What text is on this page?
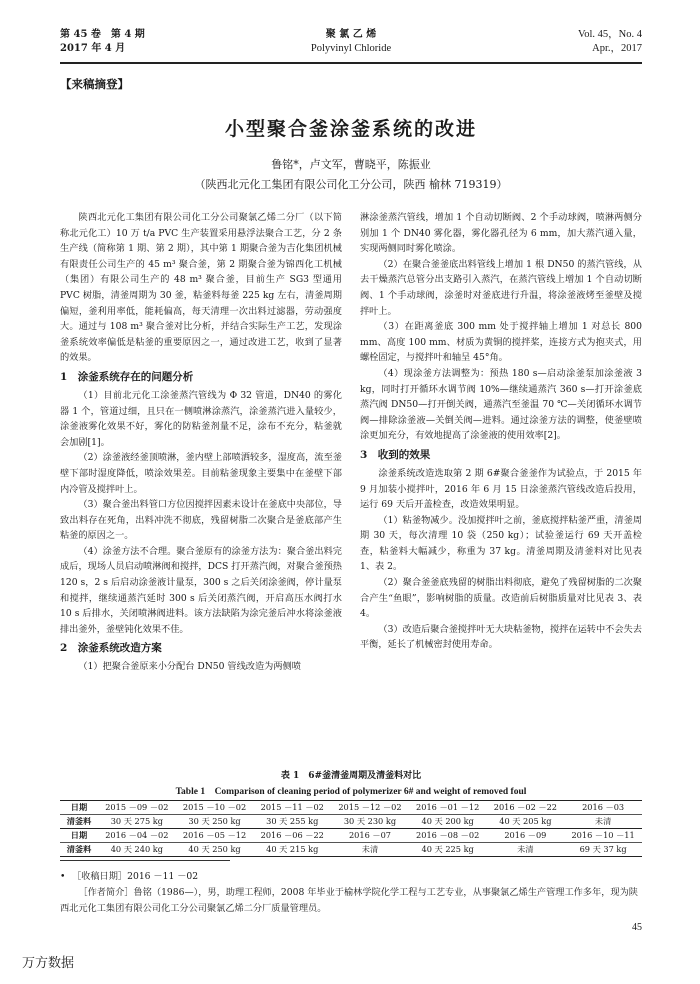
第 45 卷　第 4 期
2017 年 4 月
聚 氯 乙 烯
Polyvinyl Chloride
Vol. 45，No. 4
Apr.，2017
【来稿摘登】
小型聚合釜涂釜系统的改进
鲁铭*，卢文军，曹晓平，陈振业
（陕西北元化工集团有限公司化工分公司，陕西 榆林 719319）

陕西北元化工集团有限公司化工分公司聚氯乙烯二分厂（以下简称北元化工）10 万 t/a PVC 生产装置采用悬浮法聚合工艺，分 2 条生产线（简称第 1 期、第 2 期），其中第 1 期聚合釜为吉化集团机械有限责任公司生产的 45 m³ 聚合釜，第 2 期聚合釜为锦西化工机械（集团）有限公司生产的 48 m³ 聚合釜，目前生产 SG3 型通用 PVC 树脂，清釜周期为 30 釜，粘釜料每釜 225 kg 左右，清釜周期偏短，釜利用率低，能耗偏高，每天清理一次出料过滤器，劳动强度大。通过与 108 m³ 聚合釜对比分析，并结合实际生产工艺，发现涂釜系统效率偏低是粘釜的重要原因之一，通过改进工艺，收到了显著的效果。

1　涂釜系统存在的问题分析

（1）目前北元化工涂釜蒸汽管线为 Φ 32 管道，DN40 的雾化器 1 个，管道过细，且只在一侧喷淋涂蒸汽，涂釜蒸汽进入量较少，涂釜液雾化效果不好，雾化的防粘釜剂量不足，涂布不充分，粘釜就会加剧[1]。

（2）涂釜液经釜顶喷淋，釜内壁上部喷洒较多，湿度高，流至釜壁下部时湿度降低，喷涂效果差。目前粘釜现象主要集中在釜壁下部内冷管及搅拌叶上。

（3）聚合釜出料管口方位因搅拌因素未设计在釜底中央部位，导致出料存在死角，出料冲洗不彻底，残留树脂二次聚合是釜底部产生粘釜的原因之一。

（4）涂釜方法不合理。聚合釜原有的涂釜方法为：聚合釜出料完成后，现场人员启动喷淋阀和搅拌，DCS 打开蒸汽阀，对聚合釜预热 120 s，2 s 后启动涂釜液计量泵，300 s 之后关闭涂釜阀，停计量泵和搅拌，继续通蒸汽延时 300 s 后关闭蒸汽阀，开启高压水阀打水 10 s 后排水，关闭喷淋阀进料。该方法缺陷为涂完釜后冲水将涂釜液排出釜外，釜壁钝化效果不佳。

2　涂釜系统改造方案

（1）把聚合釜原来小分配台 DN50 管线改造为两侧喷

淋涂釜蒸汽管线，增加 1 个自动切断阀、2 个手动球阀，喷淋两侧分别加 1 个 DN40 雾化器，雾化器孔径为 6 mm，加大蒸汽通入量，实现两侧同时雾化喷涂。

（2）在聚合釜釜底出料管线上增加 1 根 DN50 的蒸汽管线，从去干燥蒸汽总管分出支路引入蒸汽，在蒸汽管线上增加 1 个自动切断阀、1 个手动球阀，涂釜时对釜底进行升温，将涂釜液烤至釜壁及搅拌叶上。

（3）在距离釜底 300 mm 处于搅拌轴上增加 1 对总长 800 mm、高度 100 mm、材质为黄铜的搅拌桨，连接方式为抱夹式，用螺栓固定，与搅拌叶和轴呈 45°角。

（4）现涂釜方法调整为：预热 180 s—启动涂釜泵加涂釜液 3 kg，同时打开循环水调节阀 10%—继续通蒸汽 360 s—打开涂釜底蒸汽阀 DN50—打开倒关阀，通蒸汽至釜温 70 ℃—关闭循环水调节阀—排除涂釜液—关倒关阀—进料。通过涂釜方法的调整，使釜壁喷涂更加充分，有效地提高了涂釜液的使用效率[2]。

3　收到的效果

涂釜系统改造选取第 2 期 6#聚合釜釜作为试验点，于 2015 年 9 月加装小搅拌叶，2016 年 6 月 15 日涂釜蒸汽管线改造后投用，运行 69 天后开盖检查，改造效果明显。

（1）粘釜物减少。没加搅拌叶之前，釜底搅拌粘釜严重，清釜周期 30 天，每次清理 10 袋（250 kg）；试验釜运行 69 天开盖检查，粘釜料大幅减少，称重为 37 kg。清釜周期及清釜料对比见表 1、表 2。

（2）聚合釜釜底残留的树脂出料彻底，避免了残留树脂的二次聚合产生“鱼眼”，影响树脂的质量。改造前后树脂质量对比见表 3、表 4。

（3）改造后聚合釜搅拌叶无大块粘釜物，搅拌在运转中不会失去平衡，延长了机械密封使用寿命。

表 1　6#釜清釜周期及清釜料对比
Table 1　Comparison of cleaning period of polymerizer 6# and weight of removed foul
日期	2015 －09 －02	2015 －10 －02	2015 －11 －02	2015 －12 －02	2016 －01 －12	2016 －02 －22	2016 －03
清釜料	30 天 275 kg	30 天 250 kg	30 天 255 kg	30 天 230 kg	40 天 200 kg	40 天 205 kg	未清
日期	2016 －04 －02	2016 －05 －12	2016 －06 －22	2016 －07	2016 －08 －02	2016 －09	2016 －10 －11
清釜料	40 天 240 kg	40 天 250 kg	40 天 215 kg	未清	40 天 225 kg	未清	69 天 37 kg

• ［收稿日期］2016 －11 －02

［作者简介］鲁铭（1986—），男，助理工程师，2008 年毕业于榆林学院化学工程与工艺专业，从事聚氯乙烯生产管理工作多年，现为陕西北元化工集团有限公司化工分公司聚氯乙烯二分厂质量管理员。

45
万方数据
